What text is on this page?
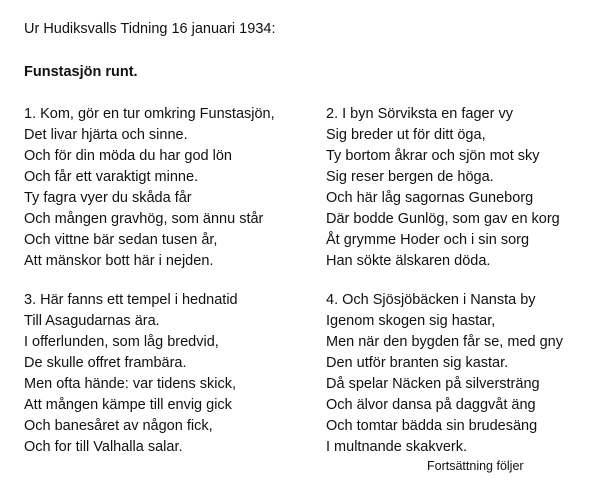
Ur Hudiksvalls Tidning 16 januari 1934:
Funstasjön runt.
1. Kom, gör en tur omkring Funstasjön,
Det livar hjärta och sinne.
Och för din möda du har god lön
Och får ett varaktigt minne.
Ty fagra vyer du skåda får
Och mången gravhög, som ännu står
Och vittne bär sedan tusen år,
Att mänskor bott här i nejden.
2. I byn Sörviksta en fager vy
Sig breder ut för ditt öga,
Ty bortom åkrar och sjön mot sky
Sig reser bergen de höga.
Och här låg sagornas Guneborg
Där bodde Gunlög, som gav en korg
Åt grymme Hoder och i sin sorg
Han sökte älskaren döda.
3. Här fanns ett tempel i hednatid
Till Asagudarnas ära.
I offerlunden, som låg bredvid,
De skulle offret frambära.
Men ofta hände: var tidens skick,
Att mången kämpe till envig gick
Och banesåret av någon fick,
Och for till Valhalla salar.
4. Och Sjösjöbäcken i Nansta by
Igenom skogen sig hastar,
Men när den bygden får se, med gny
Den utför branten sig kastar.
Då spelar Näcken på silversträng
Och älvor dansa på daggvåt äng
Och tomtar bädda sin brudesäng
I multnande skakverk.
Fortsättning följer
